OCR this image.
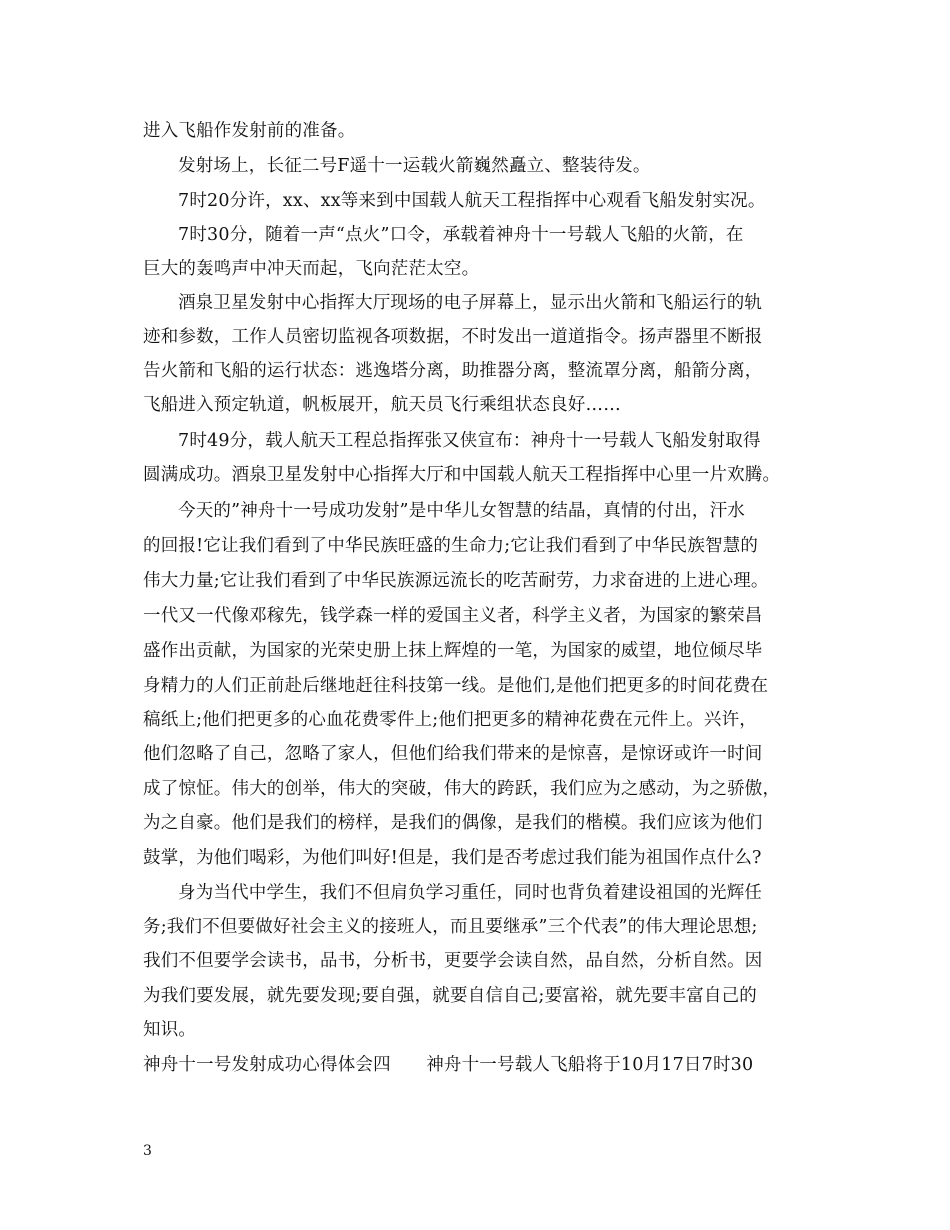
进入飞船作发射前的准备。
发射场上，长征二号F遥十一运载火箭巍然矗立、整装待发。
7时20分许，xx、xx等来到中国载人航天工程指挥中心观看飞船发射实况。
7时30分，随着一声“点火”口令，承载着神舟十一号载人飞船的火箭，在
巨大的轰鸣声中冲天而起，飞向茫茫太空。
酒泉卫星发射中心指挥大厅现场的电子屏幕上，显示出火箭和飞船运行的轨
迹和参数，工作人员密切监视各项数据，不时发出一道道指令。扬声器里不断报
告火箭和飞船的运行状态：逃逸塔分离，助推器分离，整流罩分离，船箭分离，
飞船进入预定轨道，帆板展开，航天员飞行乘组状态良好……
7时49分，载人航天工程总指挥张又侠宣布：神舟十一号载人飞船发射取得
圆满成功。酒泉卫星发射中心指挥大厅和中国载人航天工程指挥中心里一片欢腾。
今天的”神舟十一号成功发射”是中华儿女智慧的结晶，真情的付出，汗水
的回报!它让我们看到了中华民族旺盛的生命力;它让我们看到了中华民族智慧的
伟大力量;它让我们看到了中华民族源远流长的吃苦耐劳，力求奋进的上进心理。
一代又一代像邓稼先，钱学森一样的爱国主义者，科学主义者，为国家的繁荣昌
盛作出贡献，为国家的光荣史册上抹上辉煌的一笔，为国家的威望，地位倾尽毕
身精力的人们正前赴后继地赶往科技第一线。是他们,是他们把更多的时间花费在
稿纸上;他们把更多的心血花费零件上;他们把更多的精神花费在元件上。兴许，
他们忽略了自己，忽略了家人，但他们给我们带来的是惊喜，是惊讶或许一时间
成了惊怔。伟大的创举，伟大的突破，伟大的跨跃，我们应为之感动，为之骄傲，
为之自豪。他们是我们的榜样，是我们的偶像，是我们的楷模。我们应该为他们
鼓掌，为他们喝彩，为他们叫好!但是，我们是否考虑过我们能为祖国作点什么?
身为当代中学生，我们不但肩负学习重任，同时也背负着建设祖国的光辉任
务;我们不但要做好社会主义的接班人，而且要继承”三个代表”的伟大理论思想;
我们不但要学会读书，品书，分析书，更要学会读自然，品自然，分析自然。因
为我们要发展，就先要发现;要自强，就要自信自己;要富裕，就先要丰富自己的
知识。
神舟十一号发射成功心得体会四　　神舟十一号载人飞船将于10月17日7时30
3
